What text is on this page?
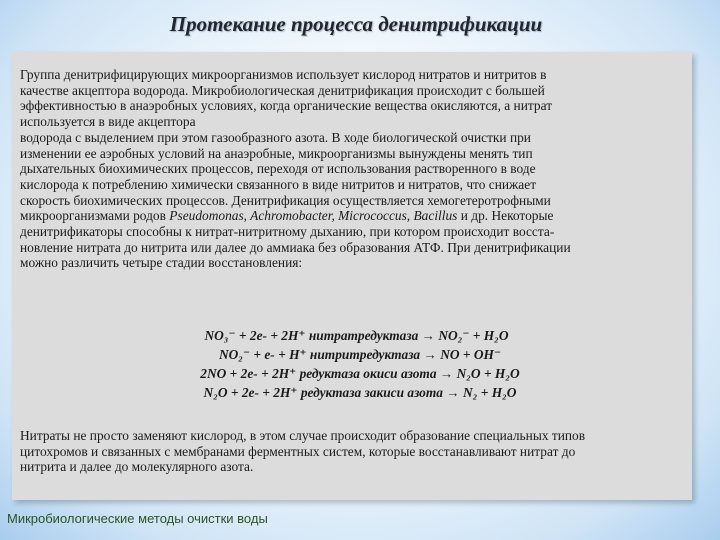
Протекание процесса денитрификации

Группа денитрифицирующих микроорганизмов использует кислород нитратов и нитритов в
качестве акцептора водорода. Микробиологическая денитрификация происходит с большей
эффективностью в анаэробных условиях, когда органические вещества окисляются, а нитрат
используется в виде акцептора
водорода с выделением при этом газообразного азота. В ходе биологической очистки при
изменении ее аэробных условий на анаэробные, микроорганизмы вынуждены менять тип
дыхательных биохимических процессов, переходя от использования растворенного в воде
кислорода к потреблению химически связанного в виде нитритов и нитратов, что снижает
скорость биохимических процессов. Денитрификация осуществляется хемогетеротрофными
микроорганизмами родов Pseudomonas, Achromobacter, Micrococcus, Bacillus и др. Некоторые
денитрификаторы способны к нитрат-нитритному дыханию, при котором происходит восста-
новление нитрата до нитрита или далее до аммиака без образования АТФ. При денитрификации
можно различить четыре стадии восстановления:

NO₃⁻ + 2e- + 2H⁺ нитратредуктаза → NO₂⁻ + H₂O
NO₂⁻ + e- + H⁺ нитритредуктаза → NO + OH⁻
2NO + 2e- + 2H⁺ редуктаза окиси азота → N₂O + H₂O
N₂O + 2e- + 2H⁺ редуктаза закиси азота → N₂ + H₂O

Нитраты не просто заменяют кислород, в этом случае происходит образование специальных типов
цитохромов и связанных с мембранами ферментных систем, которые восстанавливают нитрат до
нитрита и далее до молекулярного азота.

Микробиологические методы очистки воды
